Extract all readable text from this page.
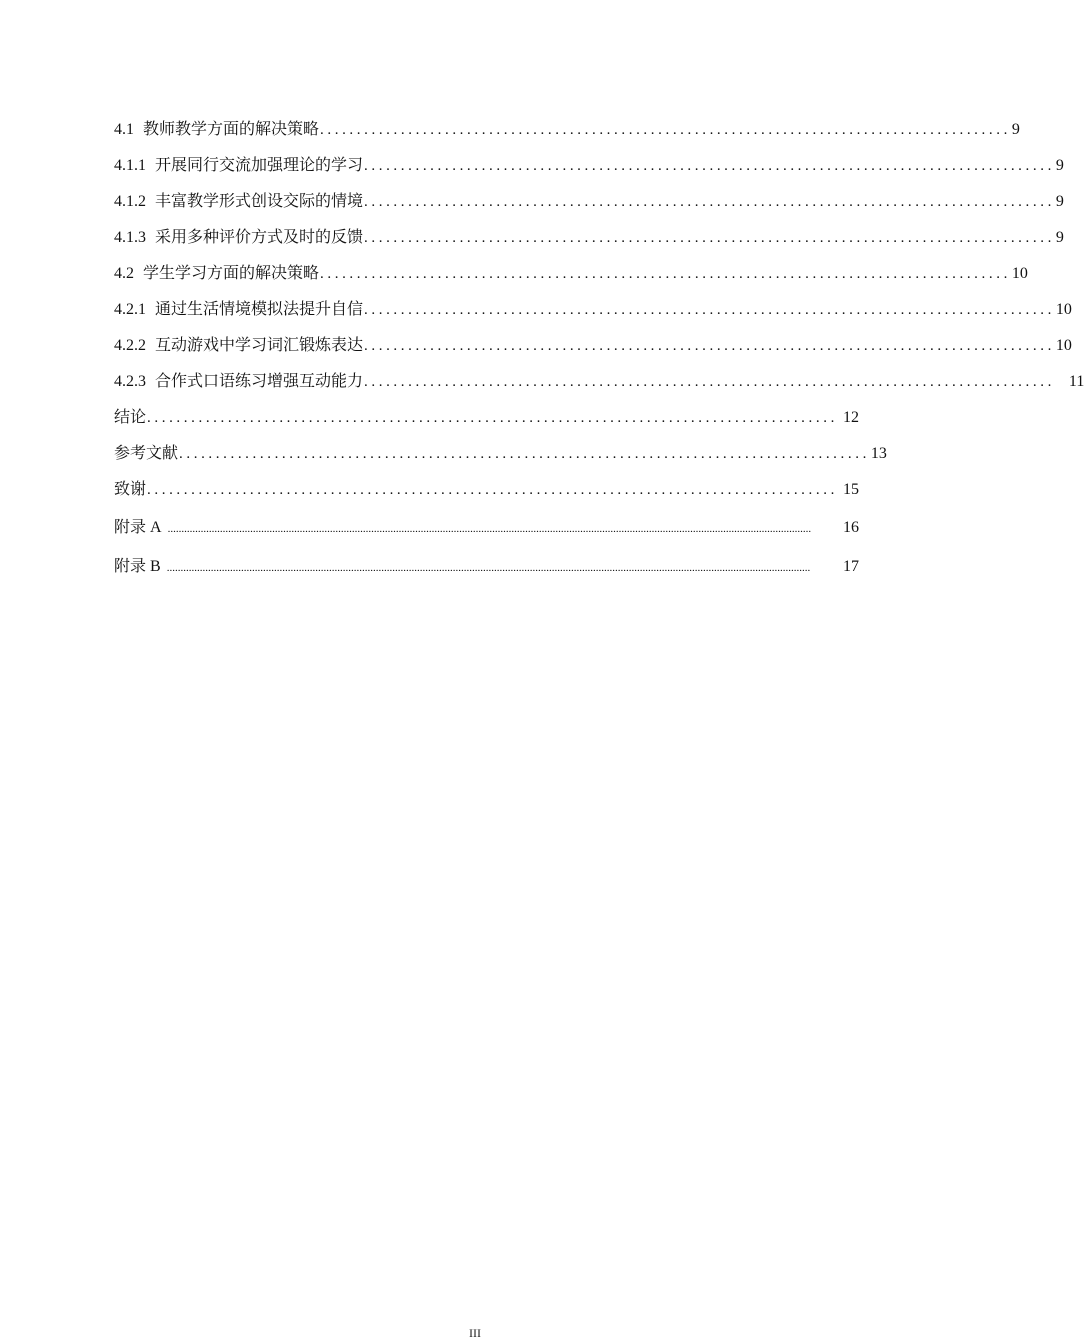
4.1 教师教学方面的解决策略 .............................................................................................. 9
4.1.1 开展同行交流加强理论的学习 .............................................................................................. 9
4.1.2 丰富教学形式创设交际的情境 .............................................................................................. 9
4.1.3 采用多种评价方式及时的反馈 .............................................................................................. 9
4.2 学生学习方面的解决策略 .............................................................................................. 10
4.2.1 通过生活情境模拟法提升自信 .............................................................................................. 10
4.2.2 互动游戏中学习词汇锻炼表达 .............................................................................................. 10
4.2.3 合作式口语练习增强互动能力 .............................................................................................. 11
结论 .............................................................................................. 12
参考文献 .............................................................................................. 13
致谢 .............................................................................................. 15
附录 A ..........................................................................................................................................................................................................................................	16
附录 B ..........................................................................................................................................................................................................................................	17
III
